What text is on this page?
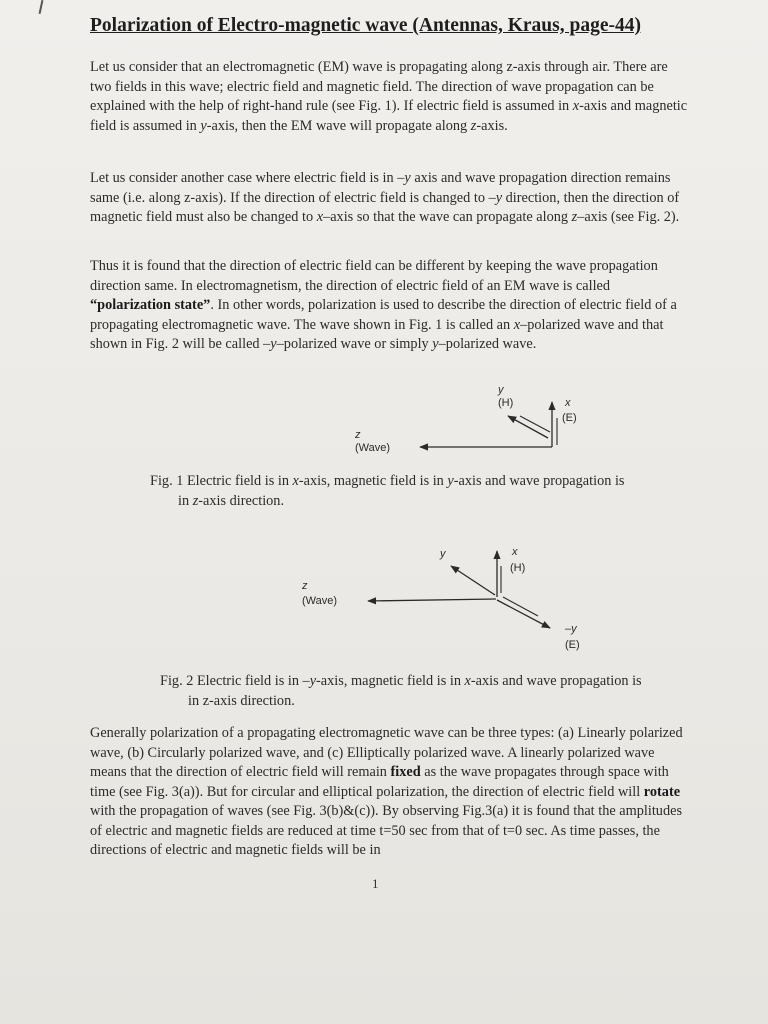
Polarization of Electro-magnetic wave (Antennas, Kraus, page-44)

Let us consider that an electromagnetic (EM) wave is propagating along z-axis through air. There are two fields in this wave; electric field and magnetic field. The direction of wave propagation can be explained with the help of right-hand rule (see Fig. 1). If electric field is assumed in x-axis and magnetic field is assumed in y-axis, then the EM wave will propagate along z-axis.

Let us consider another case where electric field is in –y axis and wave propagation direction remains same (i.e. along z-axis). If the direction of electric field is changed to –y direction, then the direction of magnetic field must also be changed to x–axis so that the wave can propagate along z–axis (see Fig. 2).

Thus it is found that the direction of electric field can be different by keeping the wave propagation direction same. In electromagnetism, the direction of electric field of an EM wave is called “polarization state”. In other words, polarization is used to describe the direction of electric field of a propagating electromagnetic wave. The wave shown in Fig. 1 is called an x–polarized wave and that shown in Fig. 2 will be called –y–polarized wave or simply y–polarized wave.

y
(H)	x
(E)
z
(Wave)
y	x
(H)
z
(Wave)
–y
(E)

Fig. 1 Electric field is in x-axis, magnetic field is in y-axis and wave propagation is
in z-axis direction.

Fig. 2 Electric field is in –y-axis, magnetic field is in x-axis and wave propagation is
in z-axis direction.

Generally polarization of a propagating electromagnetic wave can be three types: (a) Linearly polarized wave, (b) Circularly polarized wave, and (c) Elliptically polarized wave. A linearly polarized wave means that the direction of electric field will remain fixed as the wave propagates through space with time (see Fig. 3(a)). But for circular and elliptical polarization, the direction of electric field will rotate with the propagation of waves (see Fig. 3(b)&(c)). By observing Fig.3(a) it is found that the amplitudes of electric and magnetic fields are reduced at time t=50 sec from that of t=0 sec. As time passes, the directions of electric and magnetic fields will be in

1
